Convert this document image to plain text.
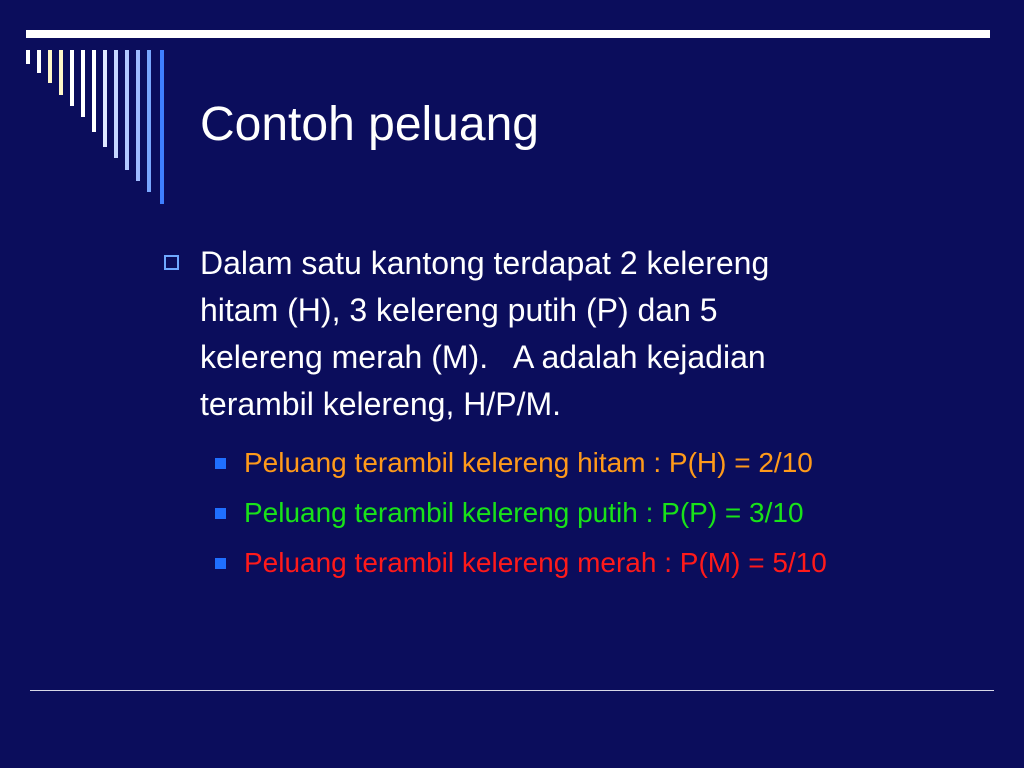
Contoh peluang
Dalam satu kantong terdapat 2 kelereng
hitam (H), 3 kelereng putih (P) dan 5
kelereng merah (M).   A adalah kejadian
terambil kelereng, H/P/M.
Peluang terambil kelereng hitam : P(H) = 2/10
Peluang terambil kelereng putih : P(P) = 3/10
Peluang terambil kelereng merah : P(M) = 5/10
